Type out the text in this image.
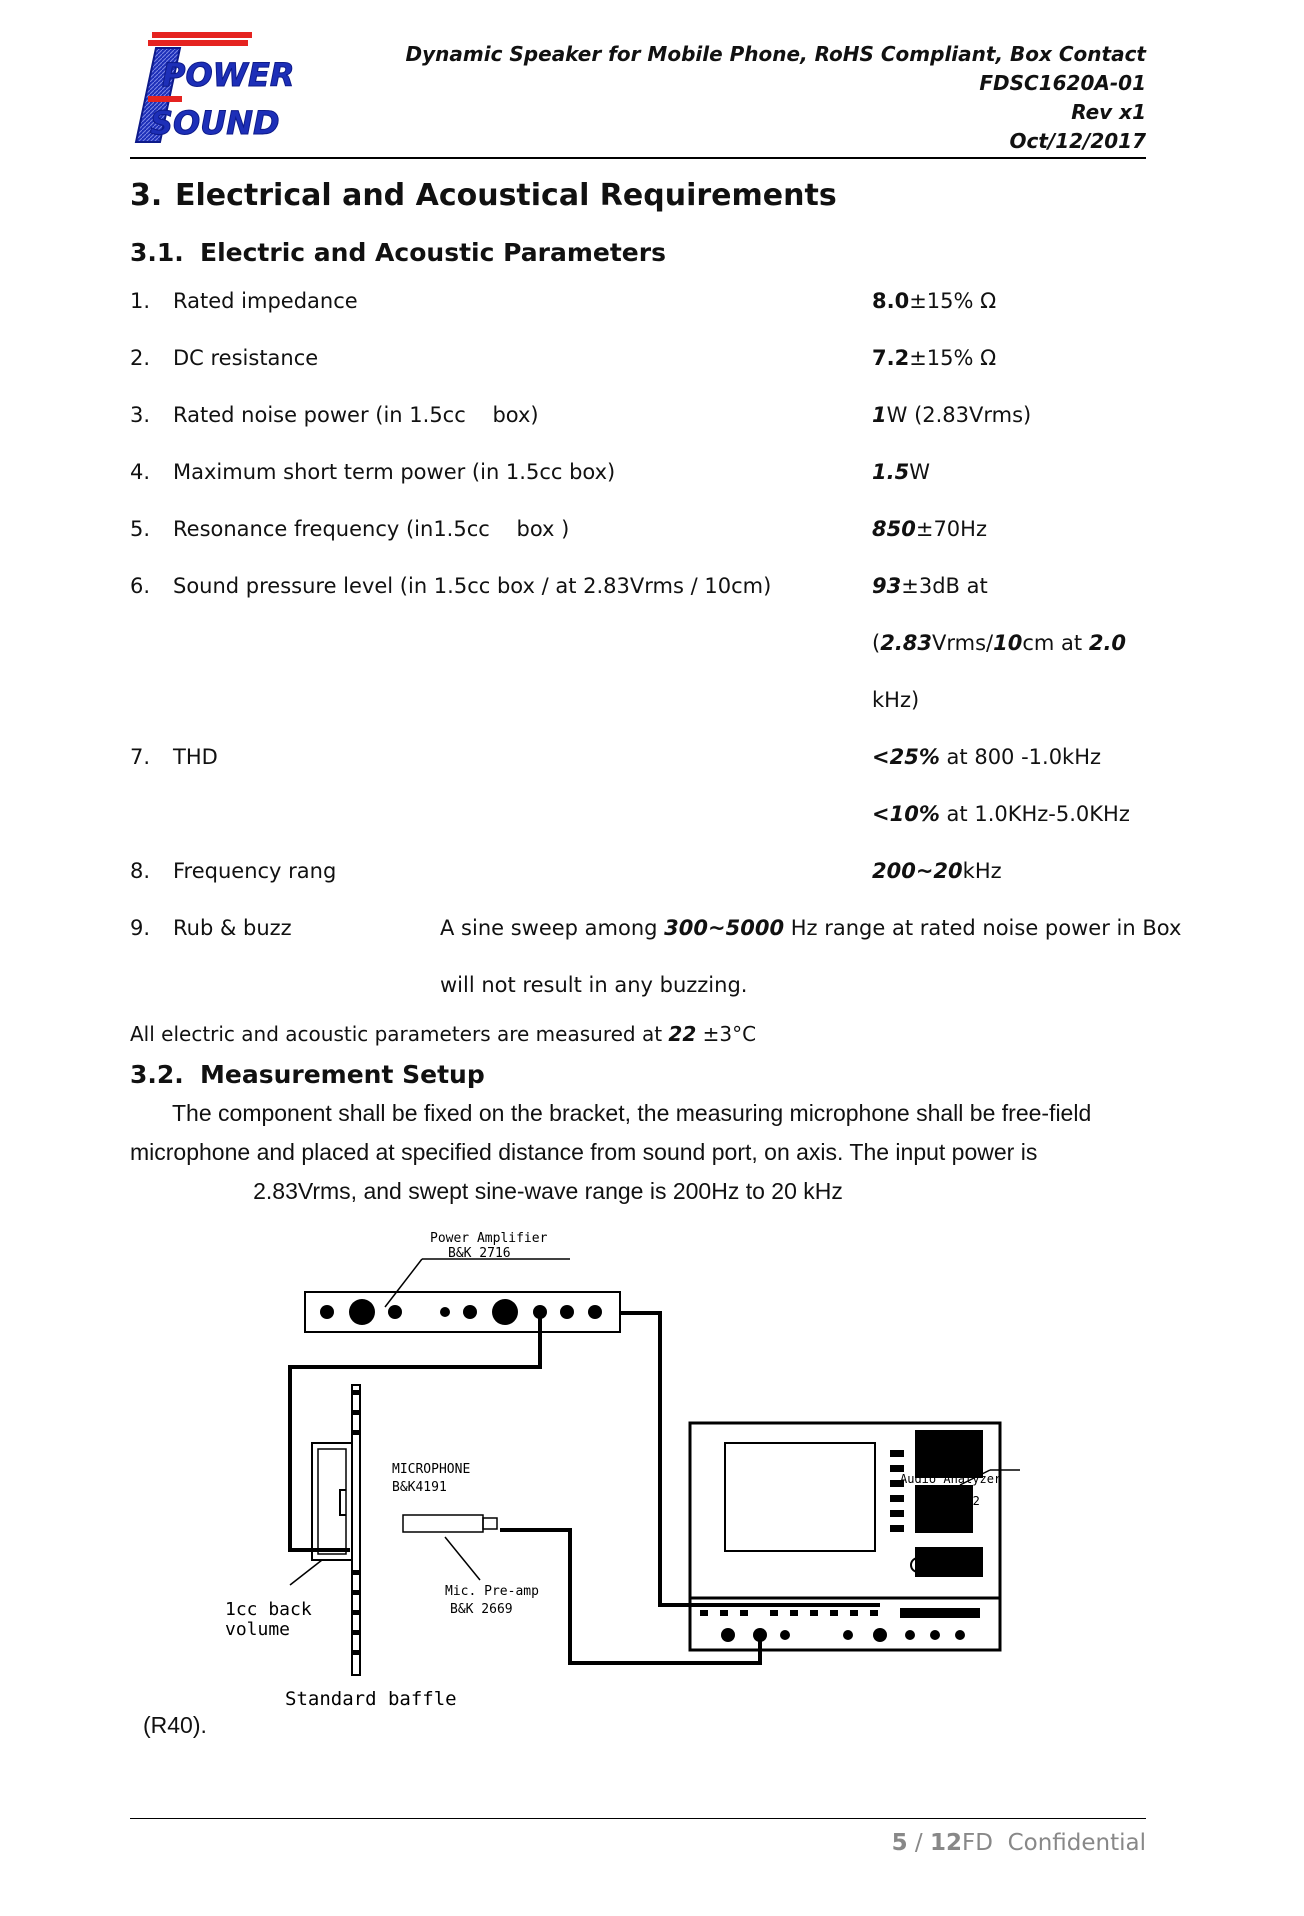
POWER
SOUND
Dynamic Speaker for Mobile Phone, RoHS Compliant, Box Contact
FDSC1620A-01
Rev x1
Oct/12/2017
3. Electrical and Acoustical Requirements
3.1. Electric and Acoustic Parameters
1. Rated impedance	8.0±15% Ω
2. DC resistance	7.2±15% Ω
3. Rated noise power (in 1.5cc    box)	1W (2.83Vrms)
4. Maximum short term power (in 1.5cc box)	1.5W
5. Resonance frequency (in1.5cc    box )	850±70Hz
6. Sound pressure level (in 1.5cc box / at 2.83Vrms / 10cm)	93±3dB at
(2.83Vrms/10cm at 2.0
kHz)
7. THD	<25% at 800 -1.0kHz
<10% at 1.0KHz-5.0KHz
8. Frequency rang	200~20kHz
9. Rub & buzz	A sine sweep among 300~5000 Hz range at rated noise power in Box
will not result in any buzzing.
All electric and acoustic parameters are measured at 22 ±3°C
3.2. Measurement Setup
The component shall be fixed on the bracket, the measuring microphone shall be free-field
microphone and placed at specified distance from sound port, on axis. The input power is
2.83Vrms, and swept sine-wave range is 200Hz to 20 kHz
Power Amplifier
B&K 2716
MICROPHONE
B&K4191
Mic. Pre-amp
B&K 2669
Audio Analyzer
B&K 2012
1cc back
volume
Standard baffle
(R40).
5 / 12FD  Confidential
